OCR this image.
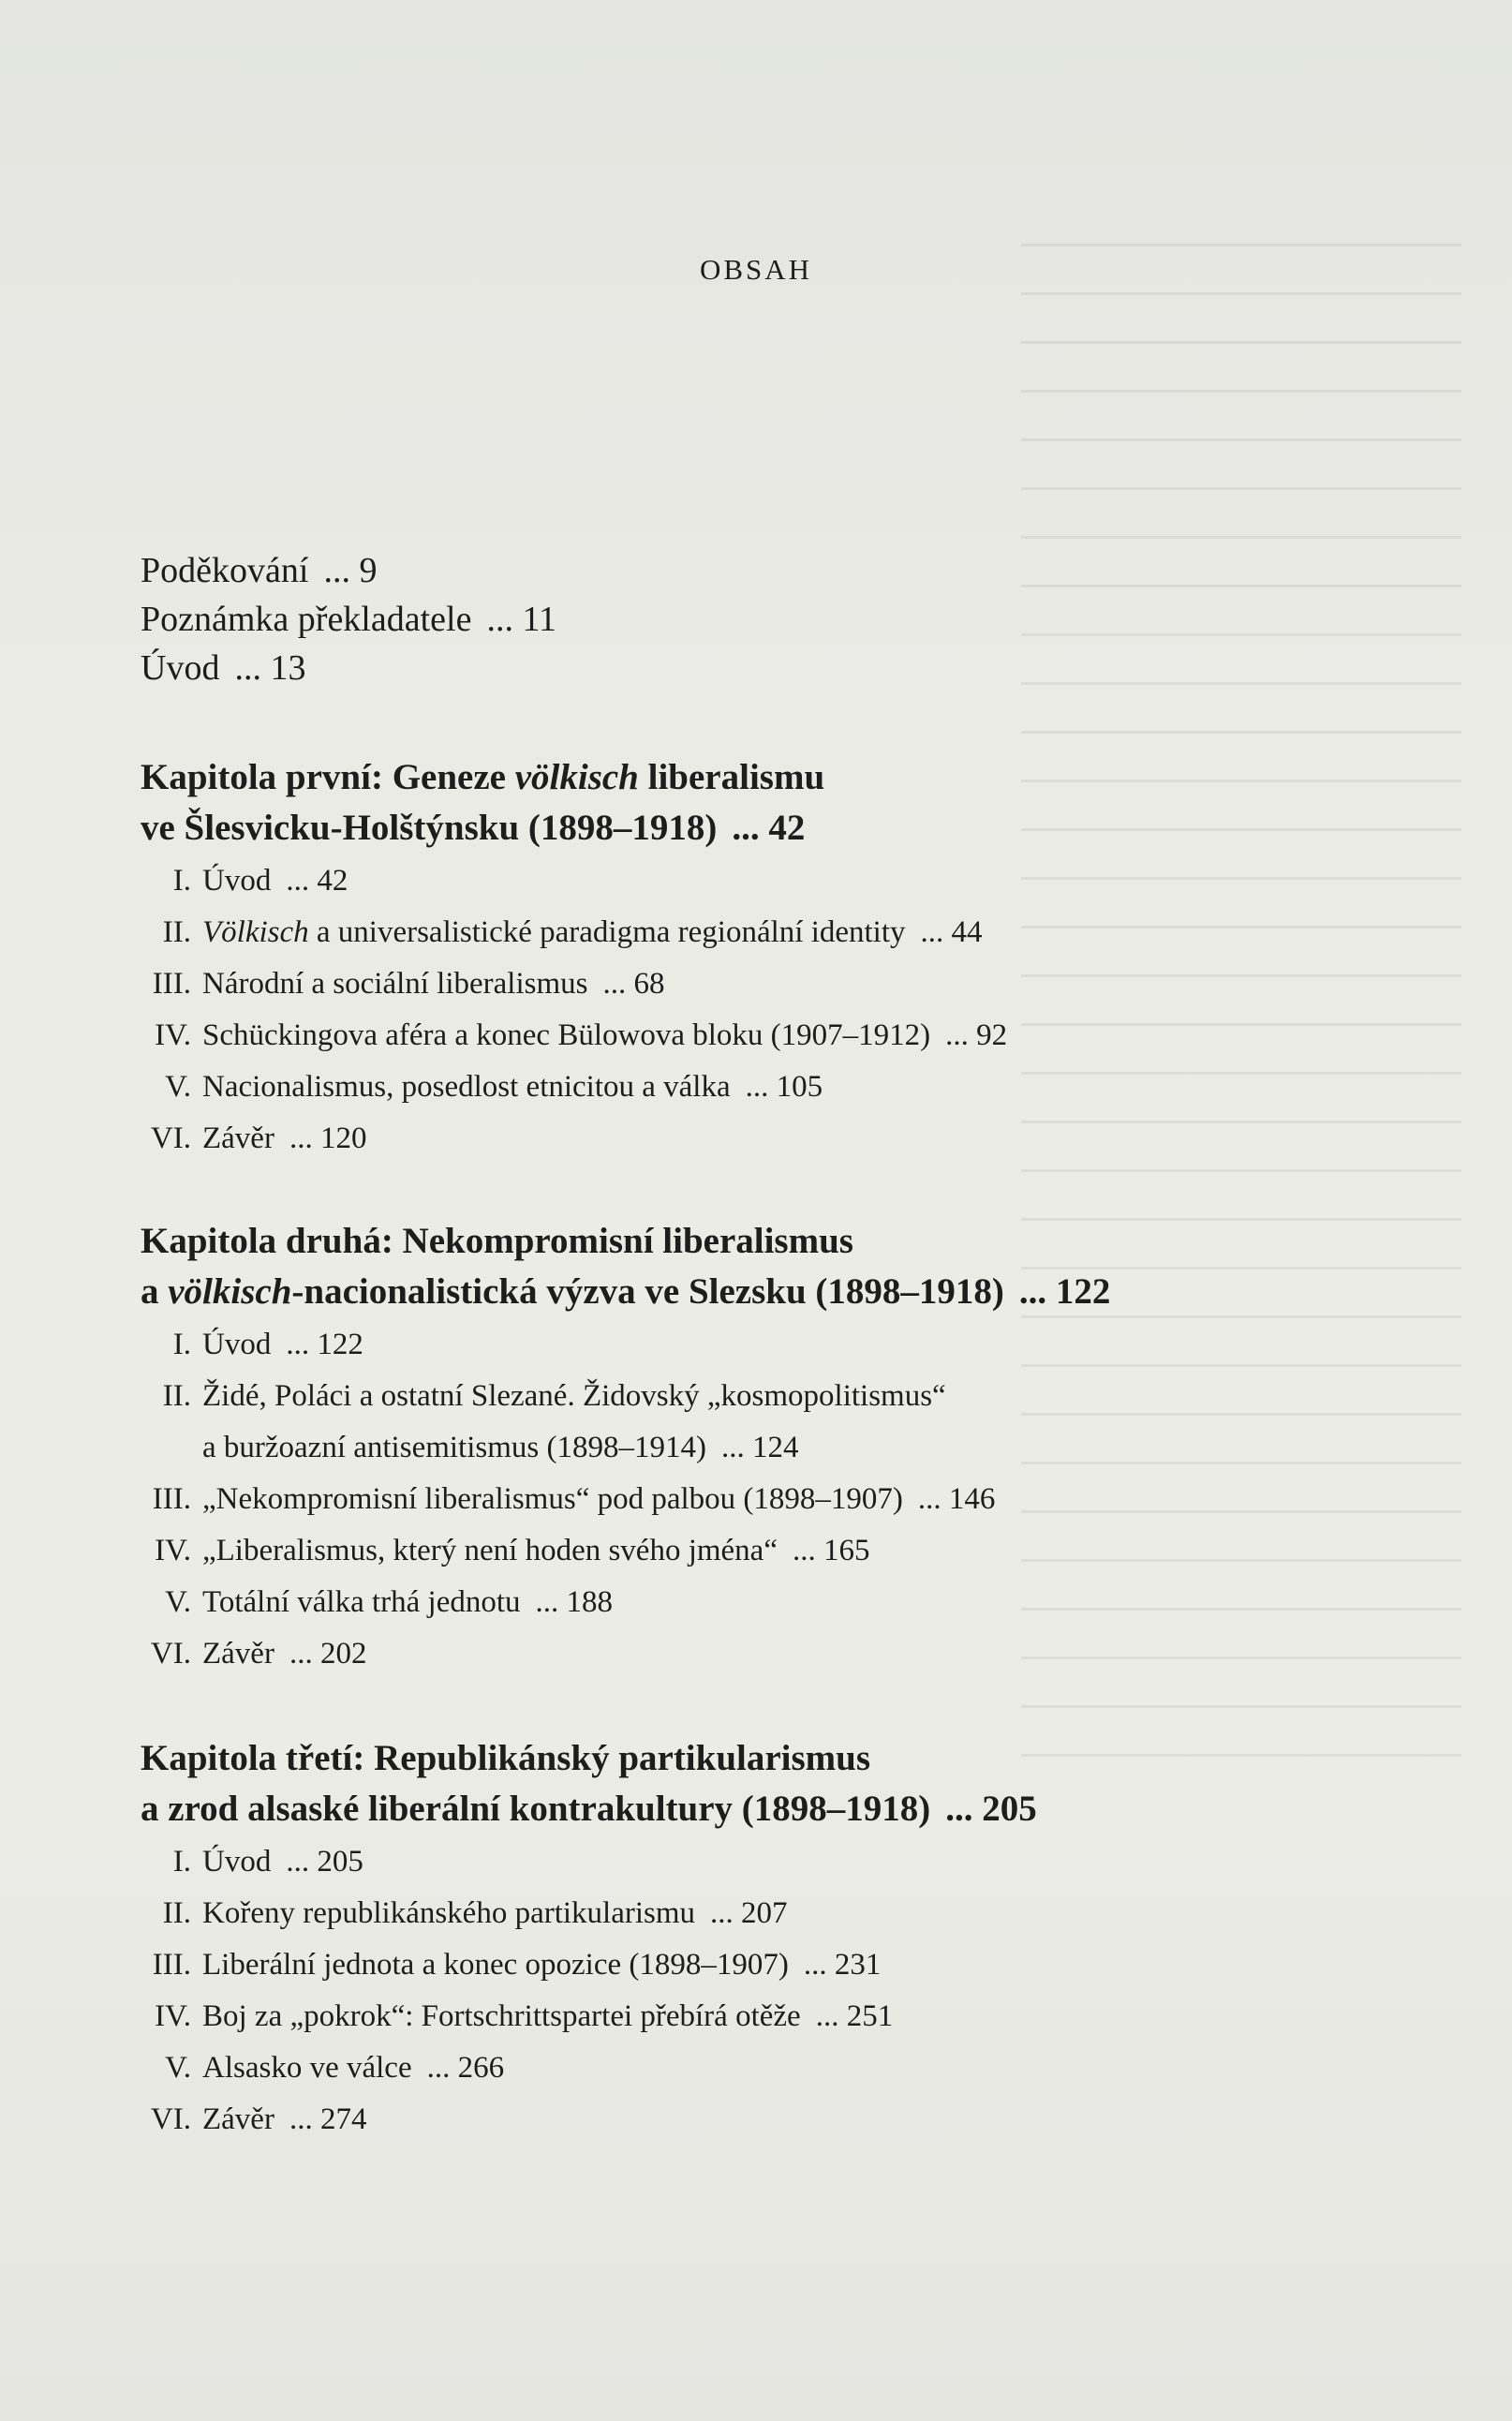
OBSAH
Poděkování ... 9
Poznámka překladatele ... 11
Úvod ... 13
Kapitola první: Geneze völkisch liberalismu
ve Šlesvicku-Holštýnsku (1898–1918) ... 42
I. Úvod ... 42
II. Völkisch a universalistické paradigma regionální identity ... 44
III. Národní a sociální liberalismus ... 68
IV. Schückingova aféra a konec Bülowova bloku (1907–1912) ... 92
V. Nacionalismus, posedlost etnicitou a válka ... 105
VI. Závěr ... 120
Kapitola druhá: Nekompromisní liberalismus
a völkisch-nacionalistická výzva ve Slezsku (1898–1918) ... 122
I. Úvod ... 122
II. Židé, Poláci a ostatní Slezané. Židovský „kosmopolitismus“
a buržoazní antisemitismus (1898–1914) ... 124
III. „Nekompromisní liberalismus“ pod palbou (1898–1907) ... 146
IV. „Liberalismus, který není hoden svého jména“ ... 165
V. Totální válka trhá jednotu ... 188
VI. Závěr ... 202
Kapitola třetí: Republikánský partikularismus
a zrod alsaské liberální kontrakultury (1898–1918) ... 205
I. Úvod ... 205
II. Kořeny republikánského partikularismu ... 207
III. Liberální jednota a konec opozice (1898–1907) ... 231
IV. Boj za „pokrok“: Fortschrittspartei přebírá otěže ... 251
V. Alsasko ve válce ... 266
VI. Závěr ... 274
